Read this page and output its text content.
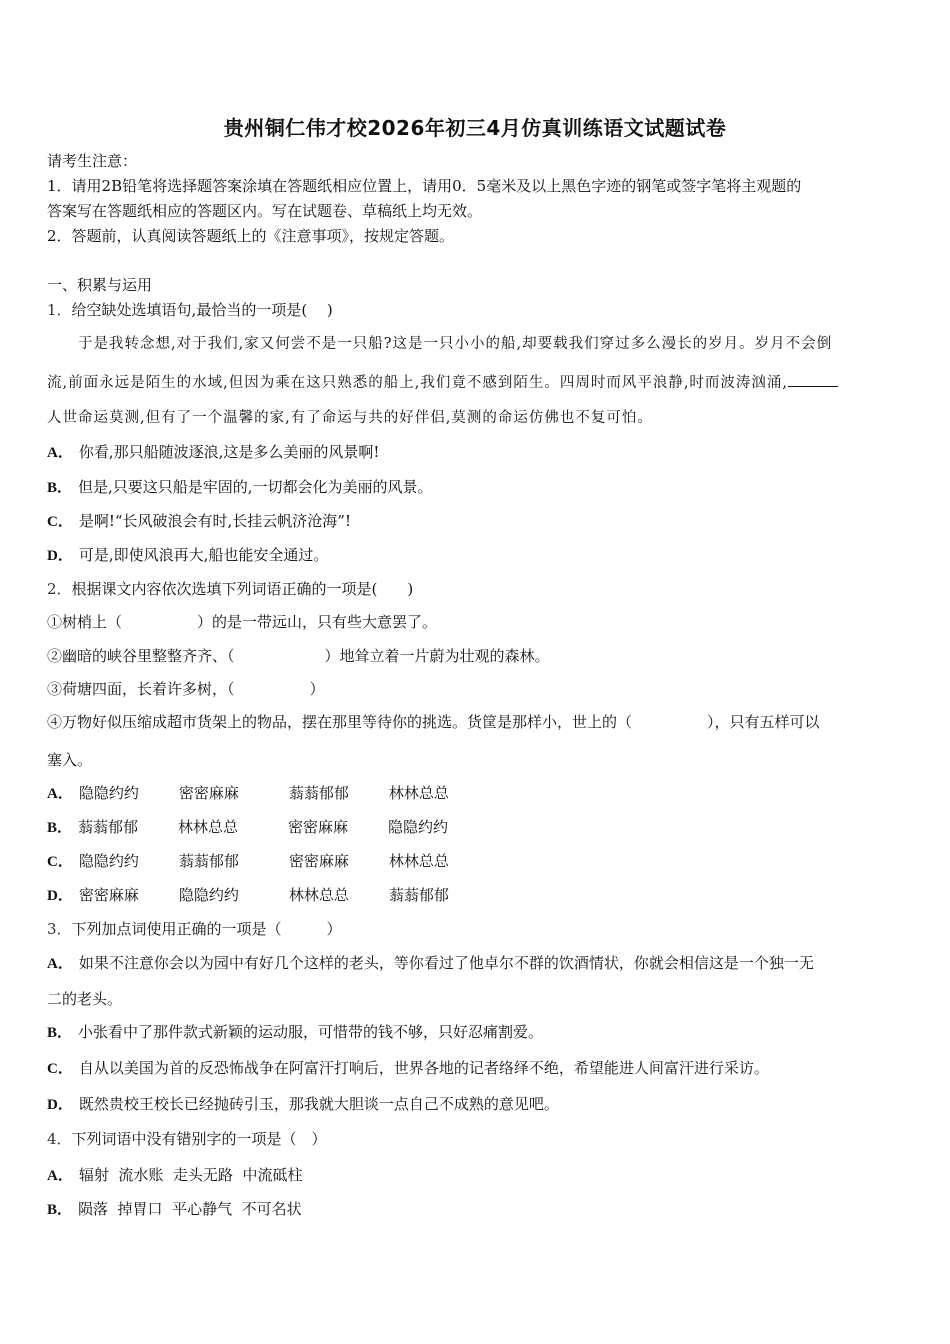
贵州铜仁伟才校2026年初三4月仿真训练语文试题试卷
请考生注意：
1．请用2B铅笔将选择题答案涂填在答题纸相应位置上，请用0．5毫米及以上黑色字迹的钢笔或签字笔将主观题的
答案写在答题纸相应的答题区内。写在试题卷、草稿纸上均无效。
2．答题前，认真阅读答题纸上的《注意事项》，按规定答题。
一、积累与运用
1．给空缺处选填语句,最恰当的一项是(　 )
于是我转念想,对于我们,家又何尝不是一只船?这是一只小小的船,却要载我们穿过多么漫长的岁月。岁月不会倒
流,前面永远是陌生的水域,但因为乘在这只熟悉的船上,我们竟不感到陌生。四周时而风平浪静,时而波涛汹涌,
人世命运莫测,但有了一个温馨的家,有了命运与共的好伴侣,莫测的命运仿佛也不复可怕。
A． 你看,那只船随波逐浪,这是多么美丽的风景啊!
B． 但是,只要这只船是牢固的,一切都会化为美丽的风景。
C． 是啊!“长风破浪会有时,长挂云帆济沧海”!
D． 可是,即使风浪再大,船也能安全通过。
2．根据课文内容依次选填下列词语正确的一项是(　　)
①树梢上（　　　　　）的是一带远山，只有些大意罢了。
②幽暗的峡谷里整整齐齐、（　　　　　　）地耸立着一片蔚为壮观的森林。
③荷塘四面，长着许多树，（　　　　　）
④万物好似压缩成超市货架上的物品，摆在那里等待你的挑选。货筐是那样小，世上的（　　　　　），只有五样可以
塞入。
A． 隐隐约约	密密麻麻	蓊蓊郁郁	林林总总
B． 蓊蓊郁郁	林林总总	密密麻麻	隐隐约约
C． 隐隐约约	蓊蓊郁郁	密密麻麻	林林总总
D． 密密麻麻	隐隐约约	林林总总	蓊蓊郁郁
3．下列加点词使用正确的一项是（　　　）
A． 如果不注意你会以为园中有好几个这样的老头，等你看过了他卓尔不群的饮酒情状，你就会相信这是一个独一无
二的老头。
B． 小张看中了那件款式新颖的运动服，可惜带的钱不够，只好忍痛割爱。
C． 自从以美国为首的反恐怖战争在阿富汗打响后，世界各地的记者络绎不绝，希望能进人间富汗进行采访。
D． 既然贵校王校长已经抛砖引玉，那我就大胆谈一点自己不成熟的意见吧。
4．下列词语中没有错别字的一项是（　）
A． 辐射  流水账  走头无路  中流砥柱
B． 陨落  掉胃口  平心静气  不可名状
